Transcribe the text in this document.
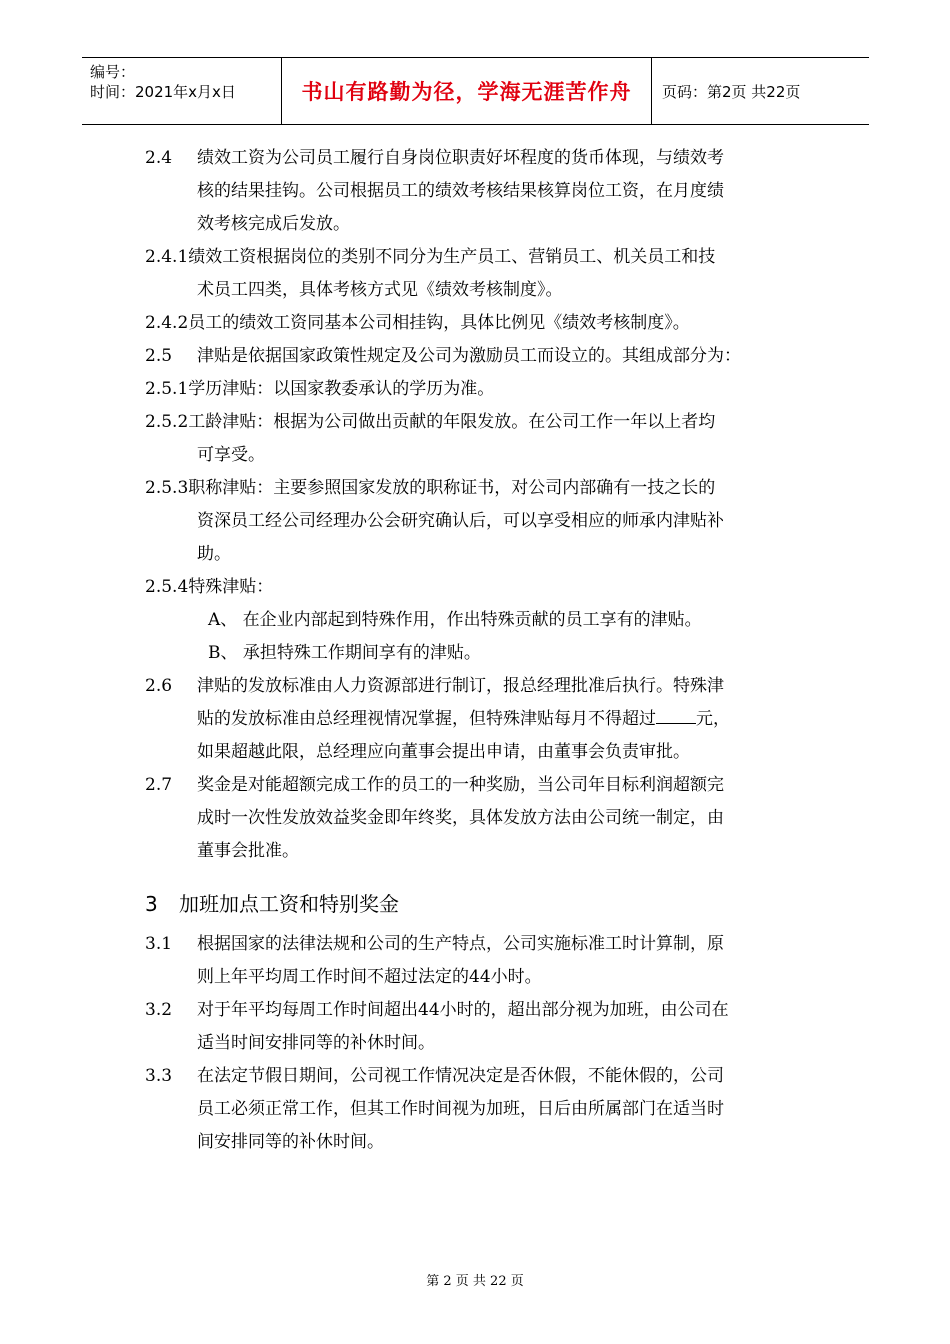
编号：
时间：2021年x月x日	书山有路勤为径，学海无涯苦作舟 页码：第2页 共22页
2.4 绩效工资为公司员工履行自身岗位职责好坏程度的货币体现，与绩效考
核的结果挂钩。公司根据员工的绩效考核结果核算岗位工资，在月度绩
效考核完成后发放。
2.4.1绩效工资根据岗位的类别不同分为生产员工、营销员工、机关员工和技
术员工四类，具体考核方式见《绩效考核制度》。
2.4.2员工的绩效工资同基本公司相挂钩，具体比例见《绩效考核制度》。
2.5 津贴是依据国家政策性规定及公司为激励员工而设立的。其组成部分为：
2.5.1学历津贴：以国家教委承认的学历为准。
2.5.2工龄津贴：根据为公司做出贡献的年限发放。在公司工作一年以上者均
可享受。
2.5.3职称津贴：主要参照国家发放的职称证书，对公司内部确有一技之长的
资深员工经公司经理办公会研究确认后，可以享受相应的师承内津贴补
助。
2.5.4特殊津贴：
A、 在企业内部起到特殊作用，作出特殊贡献的员工享有的津贴。
B、 承担特殊工作期间享有的津贴。
2.6 津贴的发放标准由人力资源部进行制订，报总经理批准后执行。特殊津
贴的发放标准由总经理视情况掌握，但特殊津贴每月不得超过 元，
如果超越此限，总经理应向董事会提出申请，由董事会负责审批。
2.7 奖金是对能超额完成工作的员工的一种奖励，当公司年目标利润超额完
成时一次性发放效益奖金即年终奖，具体发放方法由公司统一制定，由
董事会批准。
3 加班加点工资和特别奖金
3.1 根据国家的法律法规和公司的生产特点，公司实施标准工时计算制，原
则上年平均周工作时间不超过法定的44小时。
3.2 对于年平均每周工作时间超出44小时的，超出部分视为加班，由公司在
适当时间安排同等的补休时间。
3.3 在法定节假日期间，公司视工作情况决定是否休假，不能休假的，公司
员工必须正常工作，但其工作时间视为加班，日后由所属部门在适当时
间安排同等的补休时间。
第 2 页 共 22 页
